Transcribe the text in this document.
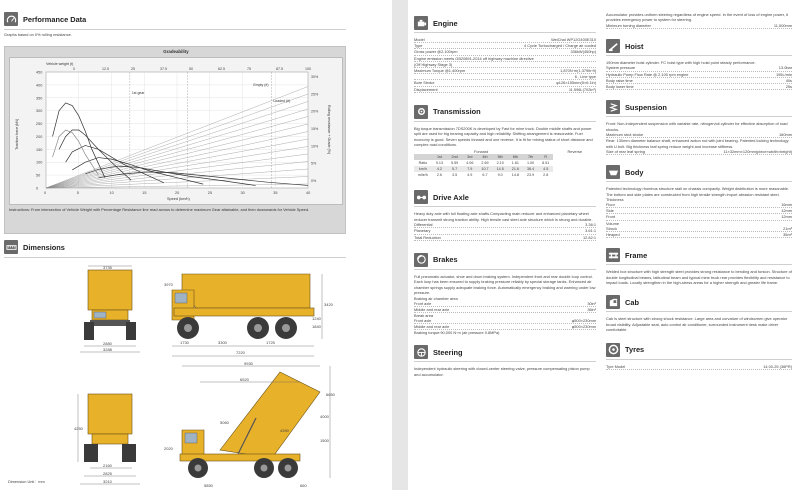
Performance Data
Graphs based on 0% rolling resistance.
Gradeability
0	5	10	15	20	25	30	35	40
0
50
100
150
200
250
300
350
400
450
0	12.5	25	37.5	50	62.5	75	87.5	100
0%
5%
10%
15%
20%
25%
30%
Speed (km/h)
Traction force (kN)	Rolling resistance + Grade (%)
Vehicle weight (t)
1st gear
Empty (#)
Loaded (#)
Instructions: From intersection of Vehicle Weight with Percentage Resistance line read across to determine maximum Gear attainable, and then downwards for Vehicle Speed.
Dimensions
2880
3288
3735
1730	3300	1725
7220
3420
1240
1840
3970
4250
2160
2825
3210
9930
6520
5060
4390
5850	660
6650
4000
1500
2020
Dimension Unit：mm
Engine
Model	WeiChai WP12G400E310
Type	4 Cycle Turbocharged / Charge air cooled
Gross power @2,100rpm	336kW(450hp)
Engine emission meets GB20891-2014 off highway machine directive
(Off Highway Stage 3)
Maximum Torque @1,400rpm	1,870N·m(1,379lb·ft)
6 , Line type
Bore Stroke	φ126×155mm(5×6.1in)
Displacement	11.596L(702in³)
Transmission
Big torque transmission 7DS200K is developed by Fast for mine truck. Double middle shafts and power split are used for big bearing capacity and high reliability. Shifting arrangement is reasonable. Fuel economy is good. Seven speeds forward and one reverse. It is fit for mining status of short distance and complex road conditions.
Forward	Reverse
	1st	2nd	3rd	4th	5th	6th	7th	R
Ratio	9.13	5.59	4.06	2.69	2.10	1.61	1.00	8.51
km/h	4.2	5.7	7.9	10.7	14.5	21.6	38.4	4.5
mile/h	2.6	3.5	4.9	6.7	9.0	14.8	23.9	2.8
Drive Axle
Heavy duty axle with full floating axle shafts.Compacting main reducer and enhanced planetary wheel reducer transmit strong traction ability. High tensile cast steel axle structure which is strong and durable.
Differential	3.36:1
Planetary	3.61:1
Total Reduction	12.82:1
Brakes
Full pneumatic actuator, shoe and drum braking system. Independent front and rear double loop control. Each loop has been ensured to supply braking pressure reliably by special storage tanks. Enhanced air chamber springs supply adequate braking force. Automatically emergency braking and warning under low pressure.
Braking air chamber area
Front axle	30in²
Middle and rear axle	36in²
Break area
Front axle	φ500×230mm
Middle and rear axle	φ500×230mm
Braking torque:90,000 N·m (air pressure 0.8MPa)
Steering
Independent hydraulic steering with closed-center steering valve, pressure compensating piston pump and accumulator.
Accumulator provides uniform steering regardless of engine speed. In the event of loss of engine power, it provides emergency power to system for steering.
Minimum turning diameter	11,500mm
Hoist
190mm diameter hoist cylinder. FC hoist type with high hoist point steady performance.
System pressure	13.0bar
Hydraulic Pump Flow Rate @ 2,100 rpm engine	195L/min
Body raise time	40s
Body lower time	25s
Suspension
Front: Non-independent suspension with variable rate, nitrogen/oil cylinder for effective absorption of road shocks.
Maximum strut stroke	160mm
Rear: 130mm diameter balance shaft, enhanced action rod with joint bearing. Patented locking technology with U bolt. Big thickness leaf spring reduce weight and increase stiffness.
Size of rear leaf spring	11×32mm×120mm(piece×width×height)
Body
Patented technology rhombus structure stall on chassis compactly. Weight distribution is more reasonable. The bottom and side plates are constructed from high tensile strength import abrasion resistant steel.
Thickness
Floor	16mm
Side	12mm
Front	12mm
Volume
Struck	21m³
Heaped	35m³
Frame
Welded box structure with high strength steel provides strong resistance to bending and torsion. Structure of double longitudinal beams, latitudinal beam and typical mine truck rear provides flexibility and resistance to impact loads. Locally strengthen in the high-stress areas for a higher strength and greater life frame.
Cab
Cab is steel structure with strong shock resistance. Large area and curvature of windscreen give operator broad visibility. Adjustable seat, auto control air conditioner, surrounded instrument desk make driver comfortable.
Tyres
Tyre Model	14.00-25 (36PR)
